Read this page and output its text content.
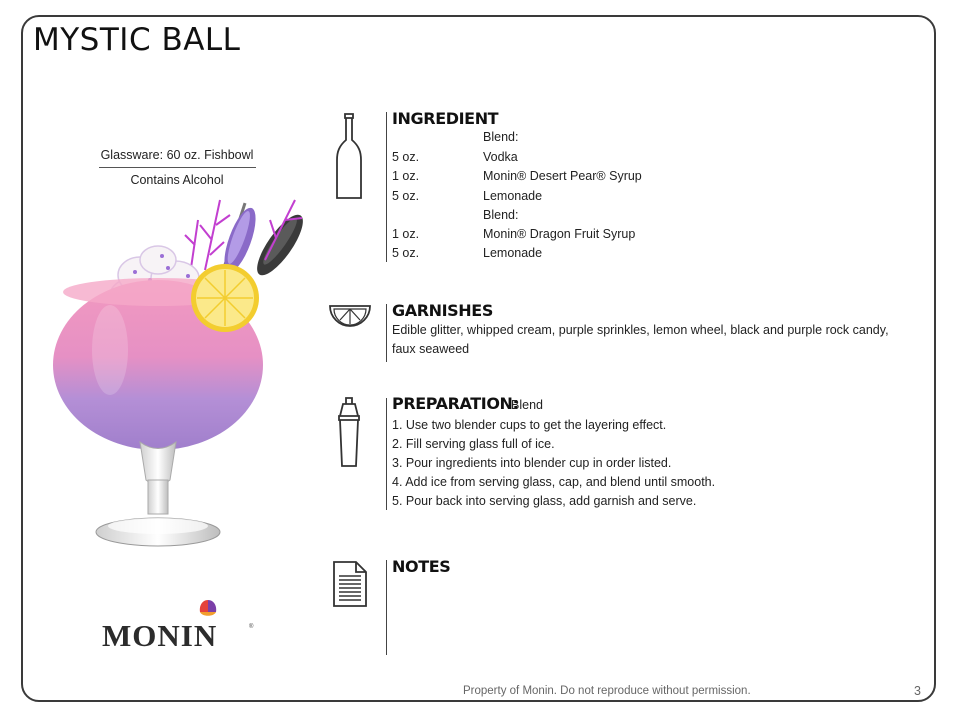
MYSTIC BALL
Glassware: 60 oz. Fishbowl
Contains Alcohol
MONIN	®
INGREDIENT
Blend:
5 oz.	Vodka
1 oz.	Monin® Desert Pear® Syrup
5 oz.	Lemonade
Blend:
1 oz.	Monin® Dragon Fruit Syrup
5 oz.	Lemonade
GARNISHES
Edible glitter, whipped cream, purple sprinkles, lemon wheel, black and purple rock candy, faux seaweed
PREPARATION:
Blend
1. Use two blender cups to get the layering effect.
2. Fill serving glass full of ice.
3. Pour ingredients into blender cup in order listed.
4. Add ice from serving glass, cap, and blend until smooth.
5. Pour back into serving glass, add garnish and serve.
NOTES
Property of Monin. Do not reproduce without permission.	3
